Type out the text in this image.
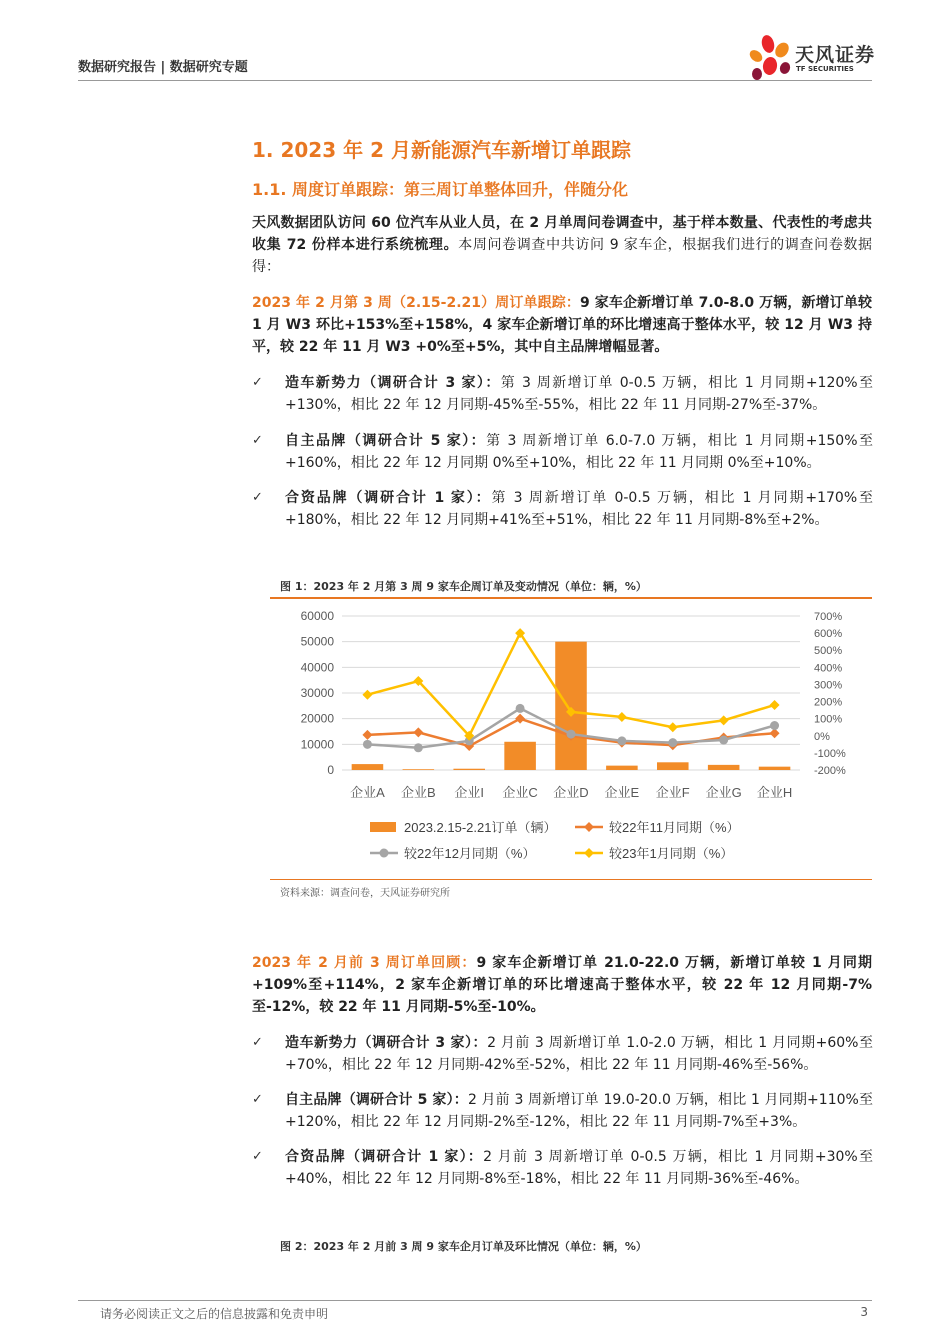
数据研究报告 | 数据研究专题
天风证券
TF SECURITIES
1. 2023 年 2 月新能源汽车新增订单跟踪
1.1. 周度订单跟踪：第三周订单整体回升，伴随分化
天风数据团队访问 60 位汽车从业人员，在 2 月单周问卷调查中，基于样本数量、代表性的考虑共收集 72 份样本进行系统梳理。本周问卷调查中共访问 9 家车企，根据我们进行的调查问卷数据得：
2023 年 2 月第 3 周（2.15-2.21）周订单跟踪：9 家车企新增订单 7.0-8.0 万辆，新增订单较 1 月 W3 环比+153%至+158%，4 家车企新增订单的环比增速高于整体水平，较 12 月 W3 持平，较 22 年 11 月 W3 +0%至+5%，其中自主品牌增幅显著。
✓	造车新势力（调研合计 3 家）：第 3 周新增订单 0-0.5 万辆，相比 1 月同期+120%至+130%，相比 22 年 12 月同期-45%至-55%，相比 22 年 11 月同期-27%至-37%。
✓	自主品牌（调研合计 5 家）：第 3 周新增订单 6.0-7.0 万辆，相比 1 月同期+150%至+160%，相比 22 年 12 月同期 0%至+10%，相比 22 年 11 月同期 0%至+10%。
✓	合资品牌（调研合计 1 家）：第 3 周新增订单 0-0.5 万辆，相比 1 月同期+170%至+180%，相比 22 年 12 月同期+41%至+51%，相比 22 年 11 月同期-8%至+2%。
图 1：2023 年 2 月第 3 周 9 家车企周订单及变动情况（单位：辆，%）
0
10000
20000
30000
40000
50000
60000
-200%
-100%
0%
100%
200%
300%
400%
500%
600%
700%
企业A 企业B 企业I 企业C 企业D 企业E 企业F 企业G 企业H
2023.2.15-2.21订单（辆）	较22年11月同期（%）
较22年12月同期（%）	较23年1月同期（%）
资料来源：调查问卷，天风证券研究所
2023 年 2 月前 3 周订单回顾：9 家车企新增订单 21.0-22.0 万辆，新增订单较 1 月同期+109%至+114%，2 家车企新增订单的环比增速高于整体水平，较 22 年 12 月同期-7%至-12%，较 22 年 11 月同期-5%至-10%。
✓	造车新势力（调研合计 3 家）：2 月前 3 周新增订单 1.0-2.0 万辆，相比 1 月同期+60%至+70%，相比 22 年 12 月同期-42%至-52%，相比 22 年 11 月同期-46%至-56%。
✓	自主品牌（调研合计 5 家）：2 月前 3 周新增订单 19.0-20.0 万辆，相比 1 月同期+110%至+120%，相比 22 年 12 月同期-2%至-12%，相比 22 年 11 月同期-7%至+3%。
✓	合资品牌（调研合计 1 家）：2 月前 3 周新增订单 0-0.5 万辆，相比 1 月同期+30%至+40%，相比 22 年 12 月同期-8%至-18%，相比 22 年 11 月同期-36%至-46%。
图 2：2023 年 2 月前 3 周 9 家车企月订单及环比情况（单位：辆，%）
请务必阅读正文之后的信息披露和免责申明	3
